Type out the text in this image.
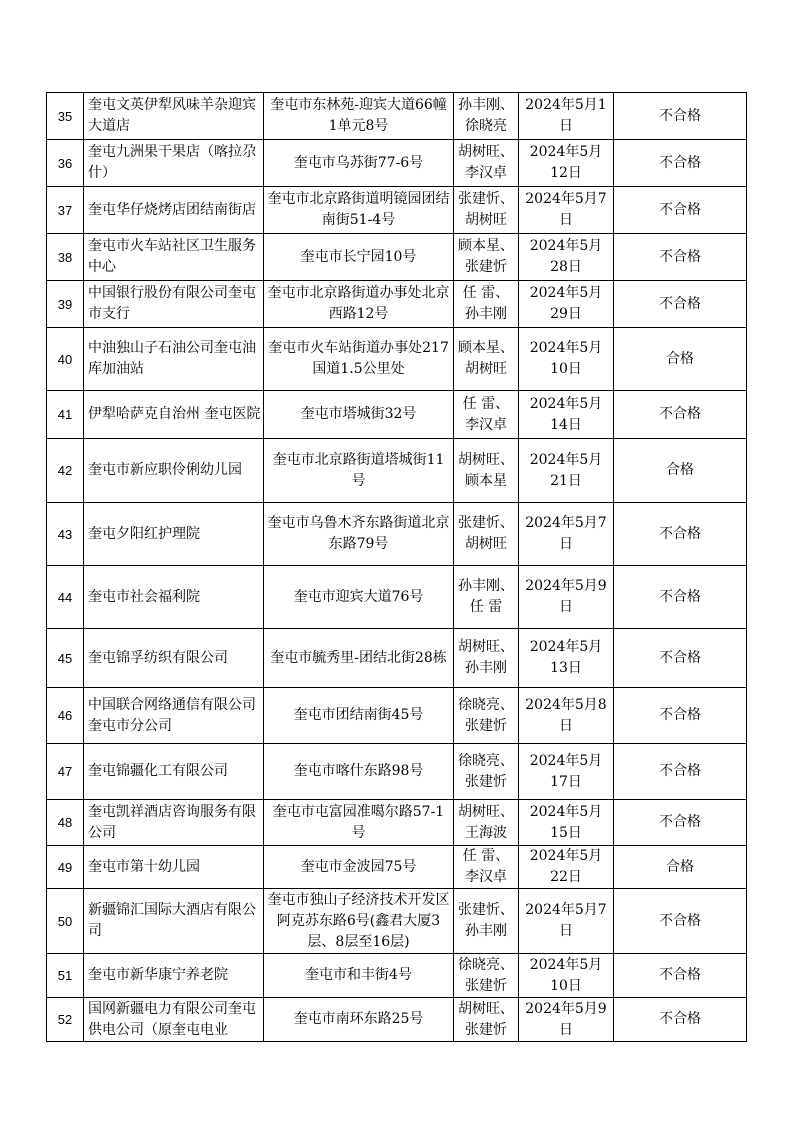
35	奎屯文英伊犁风味羊杂迎宾大道店	奎屯市东林苑-迎宾大道66幢1单元8号	孙丰刚、徐晓亮	2024年5月1日	不合格
36	奎屯九洲果干果店（喀拉尕什）	奎屯市乌苏街77-6号	胡树旺、李汉卓	2024年5月12日	不合格
37	奎屯华仔烧烤店团结南街店	奎屯市北京路街道明镜园团结南街51-4号	张建忻、胡树旺	2024年5月7日	不合格
38	奎屯市火车站社区卫生服务中心	奎屯市长宁园10号	顾本星、张建忻	2024年5月28日	不合格
39	中国银行股份有限公司奎屯市支行	奎屯市北京路街道办事处北京西路12号	任 雷、孙丰刚	2024年5月29日	不合格
40	中油独山子石油公司奎屯油库加油站	奎屯市火车站街道办事处217国道1.5公里处	顾本星、胡树旺	2024年5月10日	合格
41	伊犁哈萨克自治州 奎屯医院	奎屯市塔城街32号	任 雷、李汉卓	2024年5月14日	不合格
42	奎屯市新应职伶俐幼儿园	奎屯市北京路街道塔城街11号	胡树旺、顾本星	2024年5月21日	合格
43	奎屯夕阳红护理院	奎屯市乌鲁木齐东路街道北京东路79号	张建忻、胡树旺	2024年5月7日	不合格
44	奎屯市社会福利院	奎屯市迎宾大道76号	孙丰刚、任 雷	2024年5月9日	不合格
45	奎屯锦孚纺织有限公司	奎屯市毓秀里-团结北街28栋	胡树旺、孙丰刚	2024年5月13日	不合格
46	中国联合网络通信有限公司奎屯市分公司	奎屯市团结南街45号	徐晓亮、张建忻	2024年5月8日	不合格
47	奎屯锦疆化工有限公司	奎屯市喀什东路98号	徐晓亮、张建忻	2024年5月17日	不合格
48	奎屯凯祥酒店咨询服务有限公司	奎屯市屯富园准噶尔路57-1号	胡树旺、王海波	2024年5月15日	不合格
49	奎屯市第十幼儿园	奎屯市金波园75号	任 雷、李汉卓	2024年5月22日	合格
50	新疆锦汇国际大酒店有限公司	奎屯市独山子经济技术开发区阿克苏东路6号(鑫君大厦3层、8层至16层)	张建忻、孙丰刚	2024年5月7日	不合格
51	奎屯市新华康宁养老院	奎屯市和丰街4号	徐晓亮、张建忻	2024年5月10日	不合格
52	国网新疆电力有限公司奎屯供电公司（原奎屯电业	奎屯市南环东路25号	胡树旺、张建忻	2024年5月9日	不合格
